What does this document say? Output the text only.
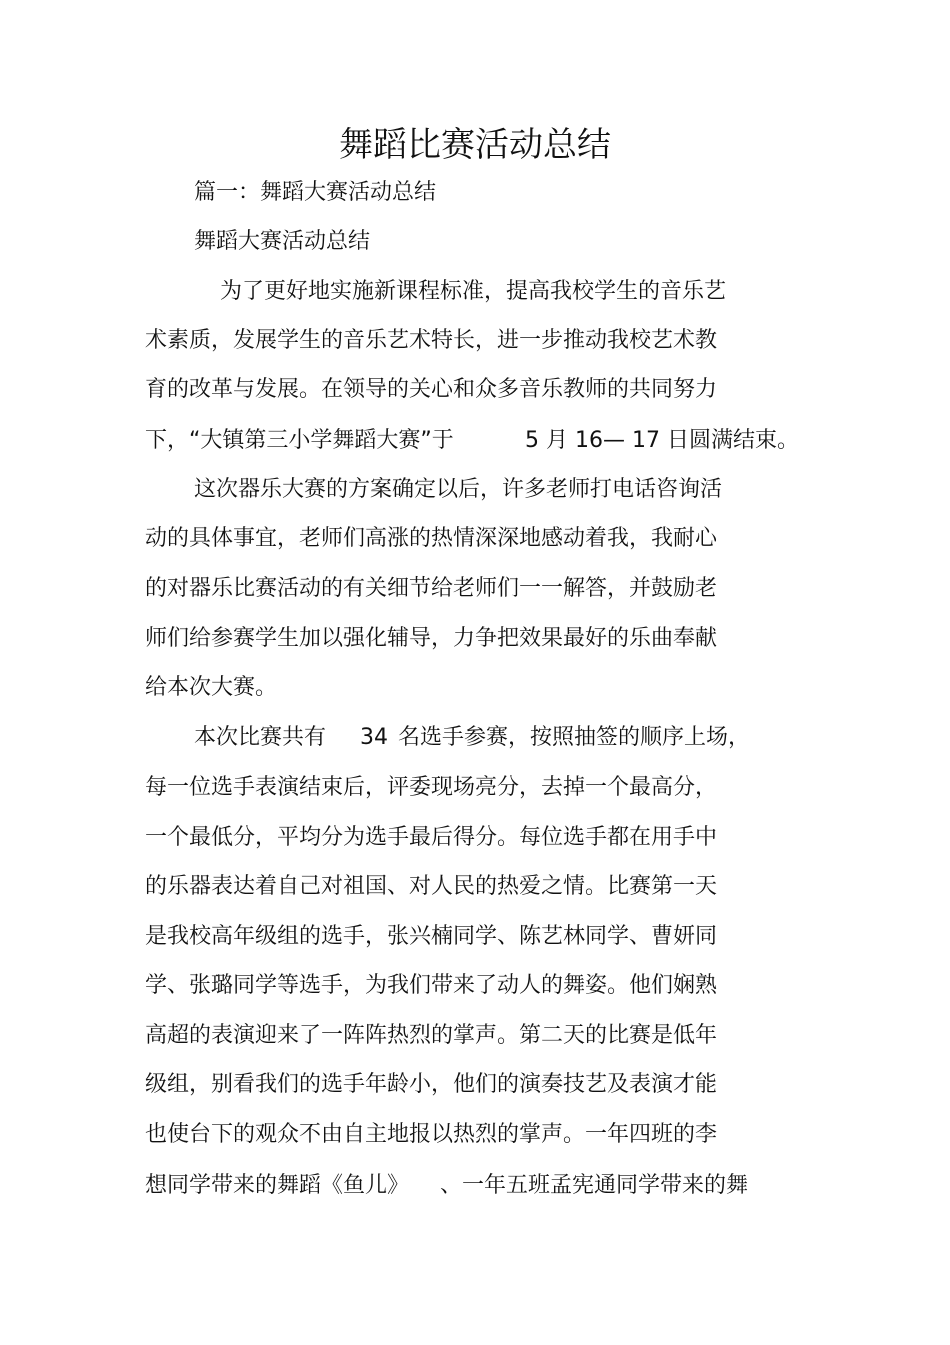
舞蹈比赛活动总结
篇一：舞蹈大赛活动总结
舞蹈大赛活动总结
为了更好地实施新课程标准，提高我校学生的音乐艺
术素质，发展学生的音乐艺术特长，进一步推动我校艺术教
育的改革与发展。在领导的关心和众多音乐教师的共同努力
下，“大镇第三小学舞蹈大赛”于	5 月 16— 17 日圆满结束。
这次器乐大赛的方案确定以后，许多老师打电话咨询活
动的具体事宜，老师们高涨的热情深深地感动着我，我耐心
的对器乐比赛活动的有关细节给老师们一一解答，并鼓励老
师们给参赛学生加以强化辅导，力争把效果最好的乐曲奉献
给本次大赛。
本次比赛共有 34 名选手参赛，按照抽签的顺序上场，
每一位选手表演结束后，评委现场亮分，去掉一个最高分，
一个最低分，平均分为选手最后得分。每位选手都在用手中
的乐器表达着自己对祖国、对人民的热爱之情。比赛第一天
是我校高年级组的选手，张兴楠同学、陈艺林同学、曹妍同
学、张璐同学等选手，为我们带来了动人的舞姿。他们娴熟
高超的表演迎来了一阵阵热烈的掌声。第二天的比赛是低年
级组，别看我们的选手年龄小，他们的演奏技艺及表演才能
也使台下的观众不由自主地报以热烈的掌声。一年四班的李
想同学带来的舞蹈《鱼儿》 、一年五班孟宪通同学带来的舞
